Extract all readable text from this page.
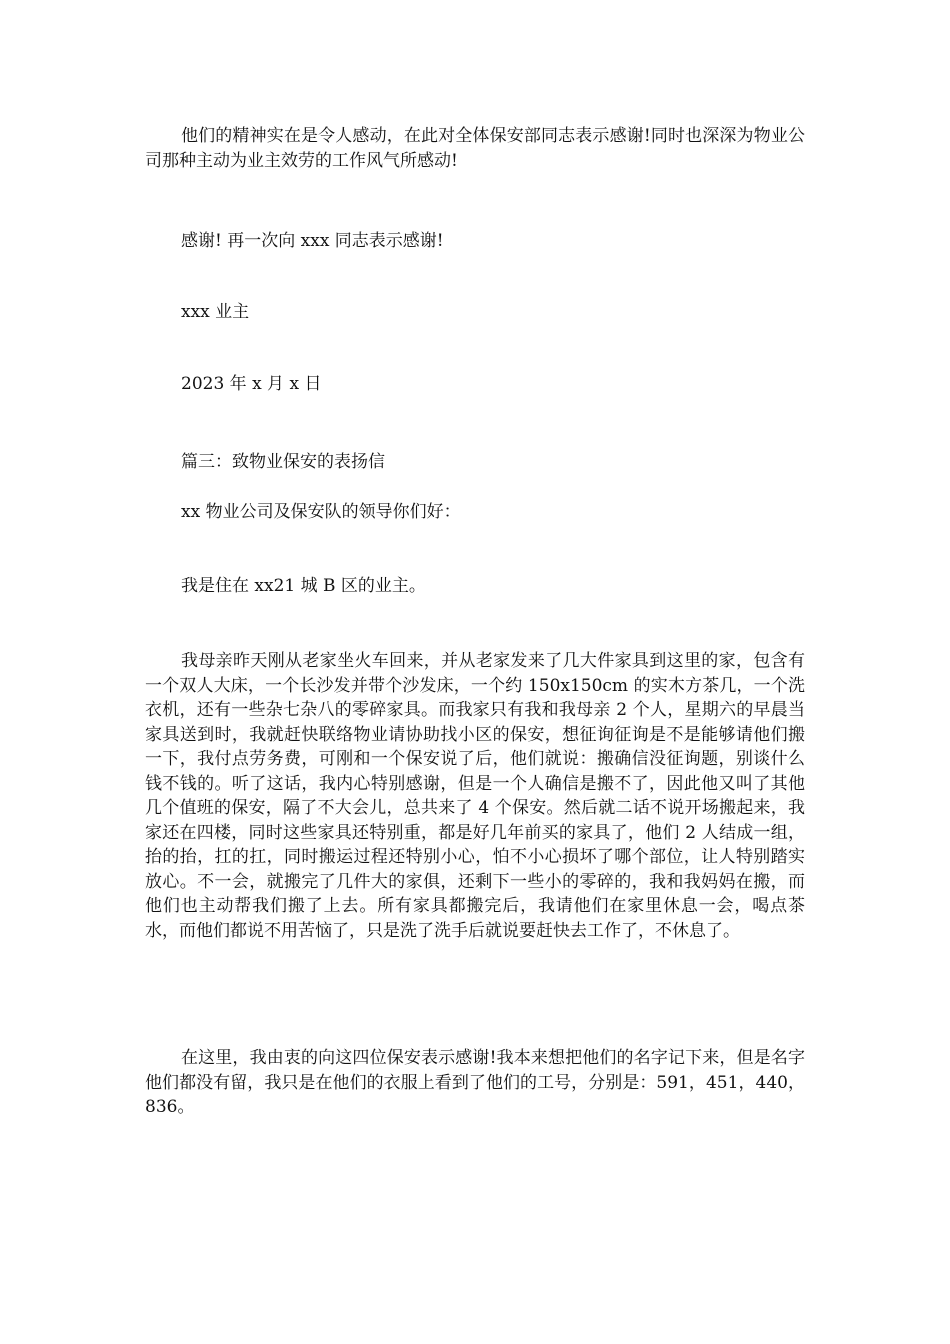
他们的精神实在是令人感动，在此对全体保安部同志表示感谢!同时也深深为物业公司那种主动为业主效劳的工作风气所感动!

感谢! 再一次向 xxx 同志表示感谢!

xxx 业主

2023 年 x 月 x 日

篇三：致物业保安的表扬信

xx 物业公司及保安队的领导你们好：

我是住在 xx21 城 B 区的业主。

我母亲昨天刚从老家坐火车回来，并从老家发来了几大件家具到这里的家，包含有一个双人大床，一个长沙发并带个沙发床，一个约 150x150cm 的实木方茶几，一个洗衣机，还有一些杂七杂八的零碎家具。而我家只有我和我母亲 2 个人，星期六的早晨当家具送到时，我就赶快联络物业请协助找小区的保安，想征询征询是不是能够请他们搬一下，我付点劳务费，可刚和一个保安说了后，他们就说：搬确信没征询题，别谈什么钱不钱的。听了这话，我内心特别感谢，但是一个人确信是搬不了，因此他又叫了其他几个值班的保安，隔了不大会儿，总共来了 4 个保安。然后就二话不说开场搬起来，我家还在四楼，同时这些家具还特别重，都是好几年前买的家具了，他们 2 人结成一组，抬的抬，扛的扛，同时搬运过程还特别小心，怕不小心损坏了哪个部位，让人特别踏实放心。不一会，就搬完了几件大的家俱，还剩下一些小的零碎的，我和我妈妈在搬，而他们也主动帮我们搬了上去。所有家具都搬完后，我请他们在家里休息一会，喝点茶水，而他们都说不用苦恼了，只是洗了洗手后就说要赶快去工作了，不休息了。

在这里，我由衷的向这四位保安表示感谢!我本来想把他们的名字记下来，但是名字他们都没有留，我只是在他们的衣服上看到了他们的工号，分别是：591，451，440，836。
